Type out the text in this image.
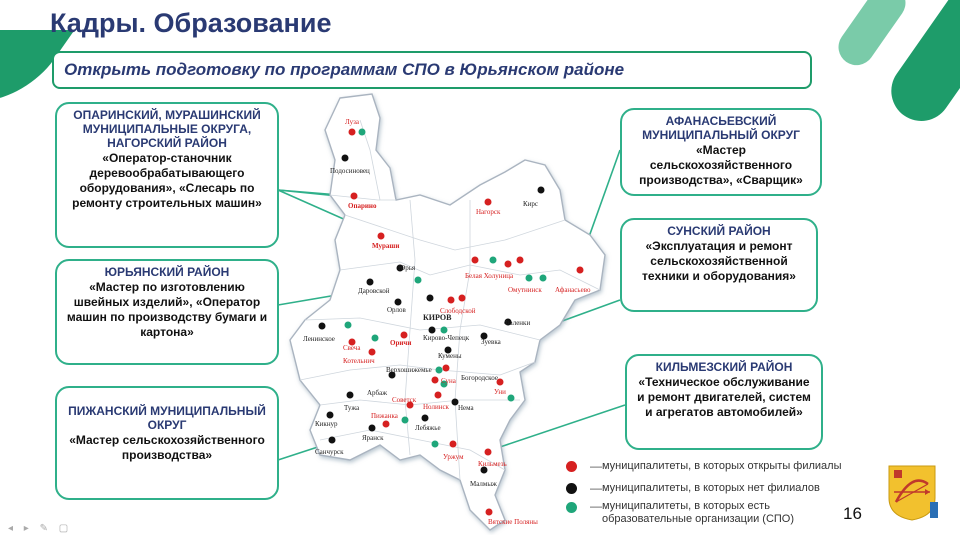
Кадры. Образование
Открыть подготовку по программам СПО в Юрьянском районе
ОПАРИНСКИЙ, МУРАШИНСКИЙ МУНИЦИПАЛЬНЫЕ ОКРУГА, НАГОРСКИЙ РАЙОН
«Оператор-станочник деревообрабатывающего оборудования», «Слесарь по ремонту строительных машин»
ЮРЬЯНСКИЙ РАЙОН
«Мастер по изготовлению швейных изделий», «Оператор машин по производству бумаги и картона»
ПИЖАНСКИЙ МУНИЦИПАЛЬНЫЙ ОКРУГ
«Мастер сельскохозяйственного производства»
АФАНАСЬЕВСКИЙ МУНИЦИПАЛЬНЫЙ ОКРУГ
«Мастер сельскохозяйственного производства», «Сварщик»
СУНСКИЙ РАЙОН
«Эксплуатация и ремонт сельскохозяйственной техники и оборудования»
КИЛЬМЕЗСКИЙ РАЙОН
«Техническое обслуживание и ремонт двигателей, систем и агрегатов автомобилей»
Луза
Подосиновец
Опарино
Нагорск
Кирс
Мураши
Юрья
Белая Холуница
Омутнинск Афанасьево
Даровской
Слободской
Орлов
КИРОВ
Фаленки
Ленинское
Свеча
Оричи
Кирово-Чепецк Зуевка
Котельнич
Кумены
Верхошижемье
Суна Богородское
Арбаж
Нолинск
Уни
Советск
Тужа	Нема
Пижанка
Кикнур
Яранск
Лебяжье
Уржум
Санчурск
Кильмезь
Малмыж
Вятские Поляны
— муниципалитеты, в которых открыты филиалы
— муниципалитеты, в которых нет филиалов
— муниципалитеты, в которых есть образовательные организации (СПО)	16
◂ ▸ ✎ ▢
